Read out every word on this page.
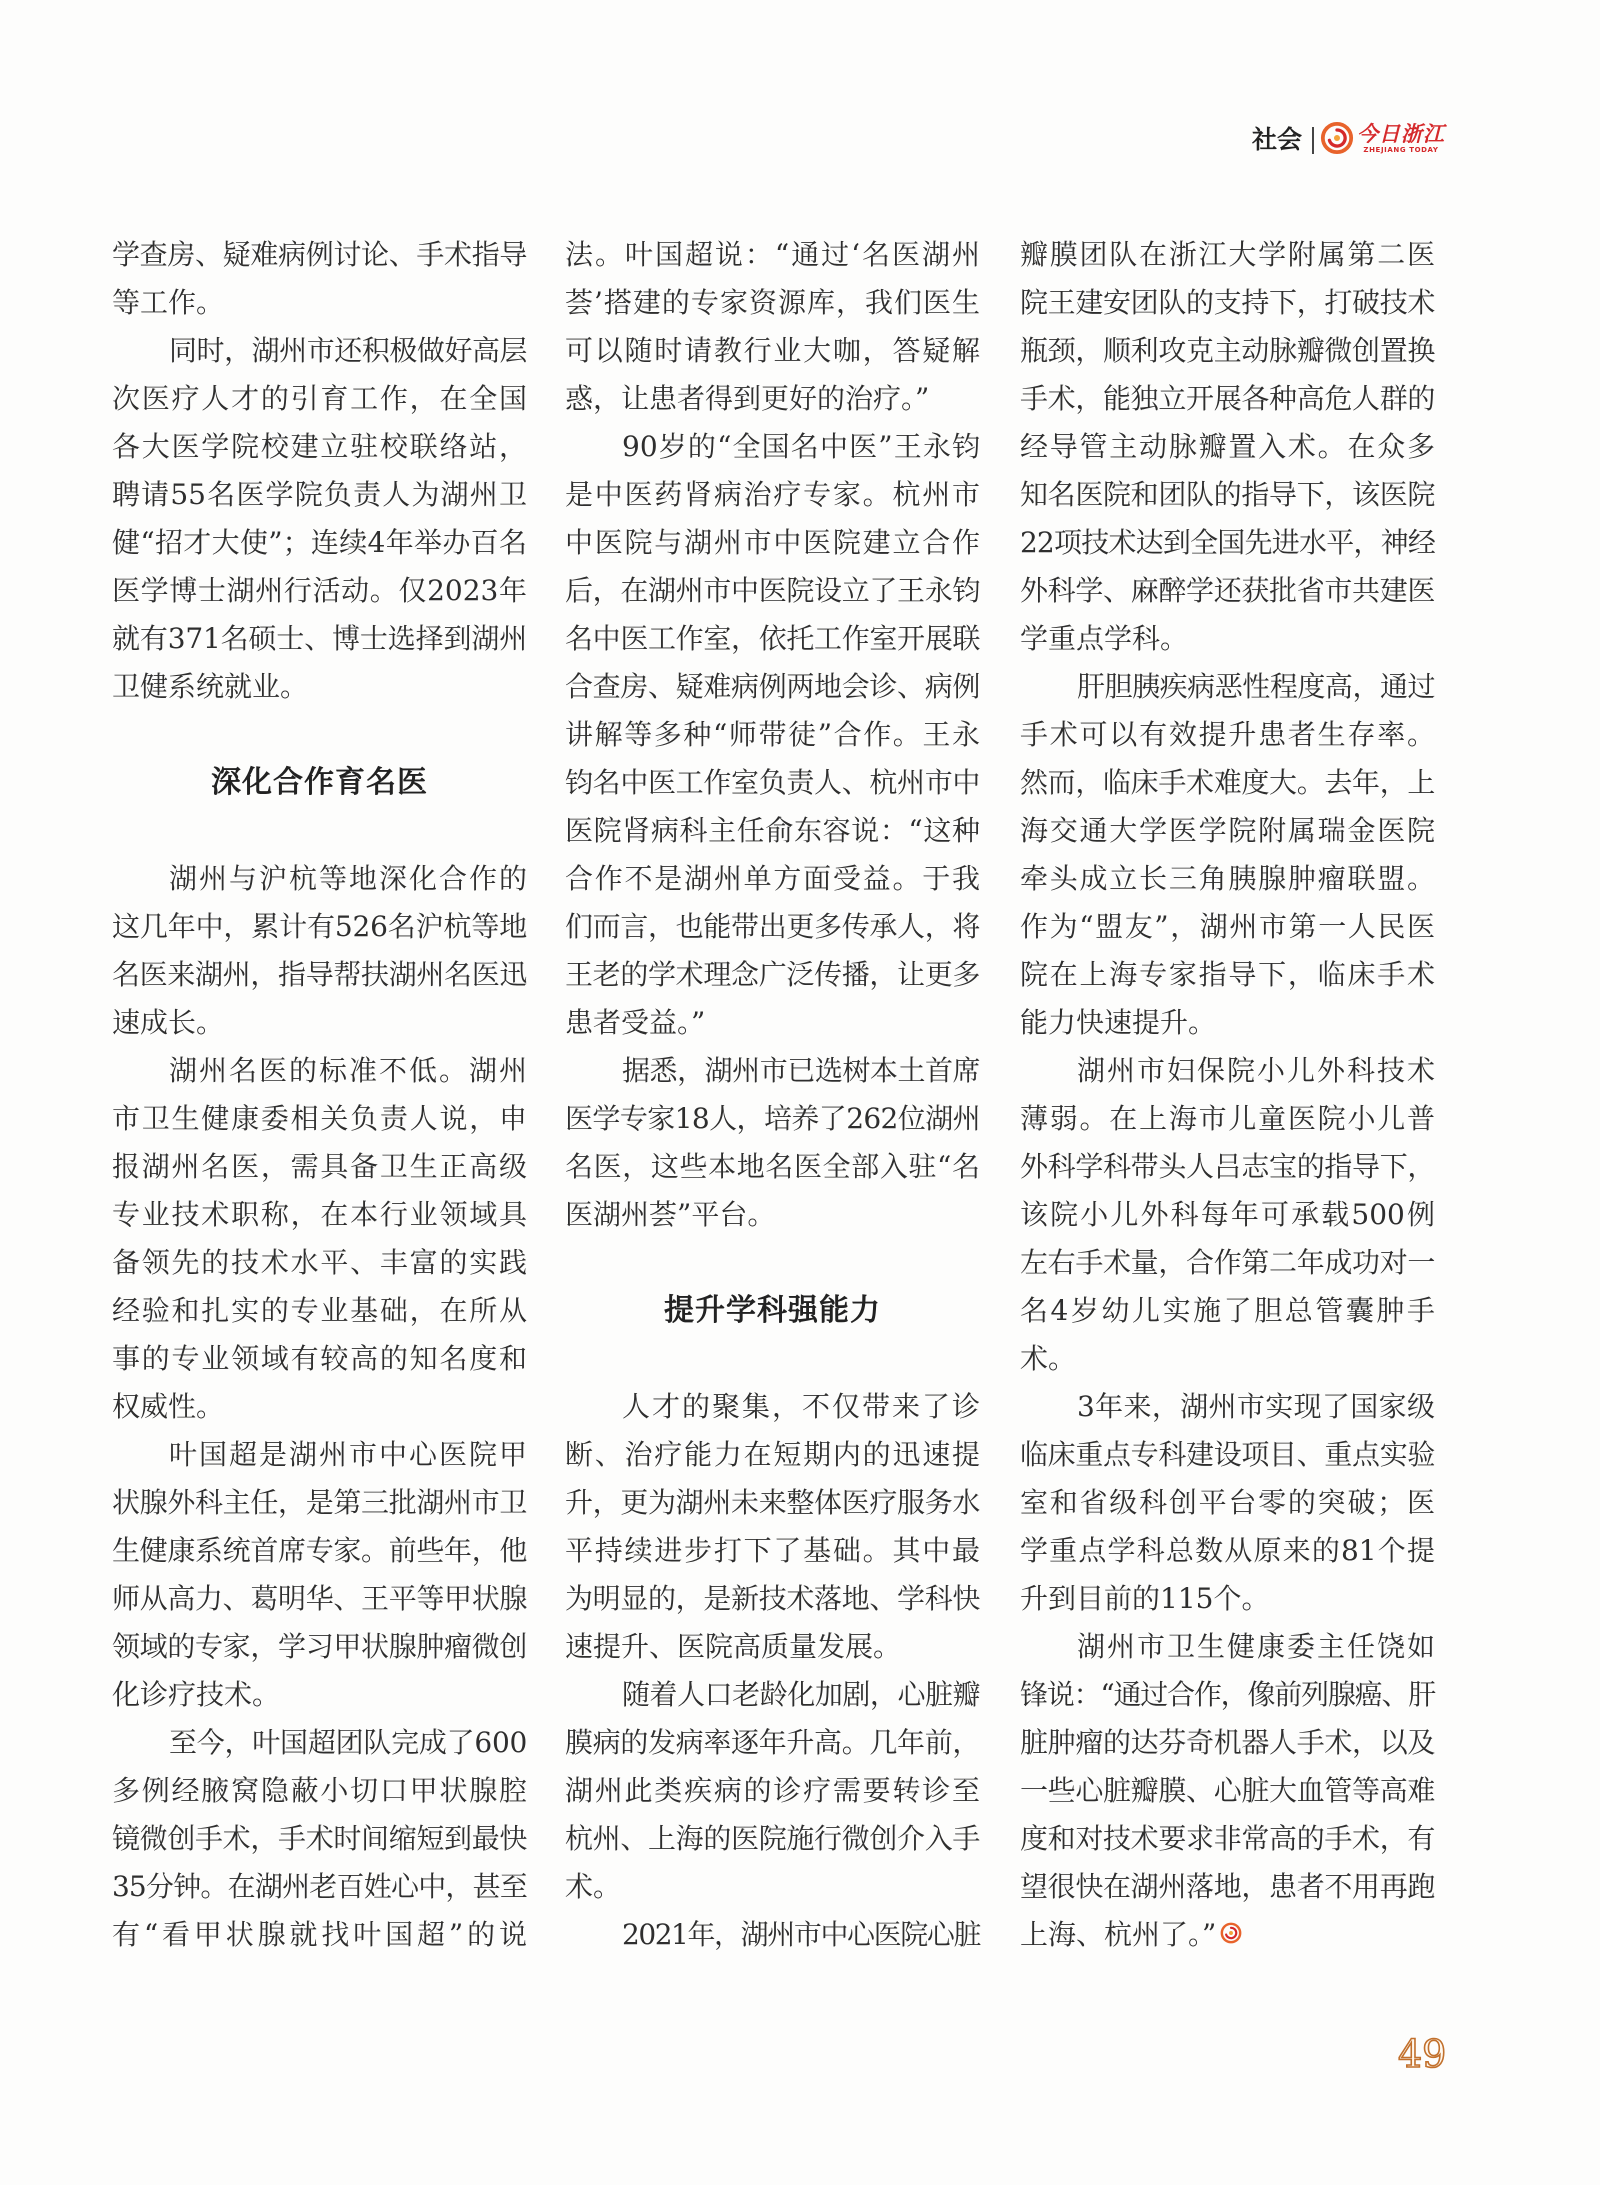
社会	今日浙江
ZHEJIANG TODAY
学查房、疑难病例讨论、手术指导
等工作。
同时，湖州市还积极做好高层
次医疗人才的引育工作，在全国
各大医学院校建立驻校联络站，
聘请55名医学院负责人为湖州卫
健“招才大使”；连续4年举办百名
医学博士湖州行活动。仅2023年
就有371名硕士、博士选择到湖州
卫健系统就业。
深化合作育名医
湖州与沪杭等地深化合作的
这几年中，累计有526名沪杭等地
名医来湖州，指导帮扶湖州名医迅
速成长。
湖州名医的标准不低。湖州
市卫生健康委相关负责人说，申
报湖州名医，需具备卫生正高级
专业技术职称，在本行业领域具
备领先的技术水平、丰富的实践
经验和扎实的专业基础，在所从
事的专业领域有较高的知名度和
权威性。
叶国超是湖州市中心医院甲
状腺外科主任，是第三批湖州市卫
生健康系统首席专家。前些年，他
师从高力、葛明华、王平等甲状腺
领域的专家，学习甲状腺肿瘤微创
化诊疗技术。
至今，叶国超团队完成了600
多例经腋窝隐蔽小切口甲状腺腔
镜微创手术，手术时间缩短到最快
35分钟。在湖州老百姓心中，甚至
有“看甲状腺就找叶国超”的说
法。叶国超说：“通过‘名医湖州
荟’搭建的专家资源库，我们医生
可以随时请教行业大咖，答疑解
惑，让患者得到更好的治疗。”
90岁的“全国名中医”王永钧
是中医药肾病治疗专家。杭州市
中医院与湖州市中医院建立合作
后，在湖州市中医院设立了王永钧
名中医工作室，依托工作室开展联
合查房、疑难病例两地会诊、病例
讲解等多种“师带徒”合作。王永
钧名中医工作室负责人、杭州市中
医院肾病科主任俞东容说：“这种
合作不是湖州单方面受益。于我
们而言，也能带出更多传承人，将
王老的学术理念广泛传播，让更多
患者受益。”
据悉，湖州市已选树本土首席
医学专家18人，培养了262位湖州
名医，这些本地名医全部入驻“名
医湖州荟”平台。
提升学科强能力
人才的聚集，不仅带来了诊
断、治疗能力在短期内的迅速提
升，更为湖州未来整体医疗服务水
平持续进步打下了基础。其中最
为明显的，是新技术落地、学科快
速提升、医院高质量发展。
随着人口老龄化加剧，心脏瓣
膜病的发病率逐年升高。几年前，
湖州此类疾病的诊疗需要转诊至
杭州、上海的医院施行微创介入手
术。
2021年，湖州市中心医院心脏
瓣膜团队在浙江大学附属第二医
院王建安团队的支持下，打破技术
瓶颈，顺利攻克主动脉瓣微创置换
手术，能独立开展各种高危人群的
经导管主动脉瓣置入术。在众多
知名医院和团队的指导下，该医院
22项技术达到全国先进水平，神经
外科学、麻醉学还获批省市共建医
学重点学科。
肝胆胰疾病恶性程度高，通过
手术可以有效提升患者生存率。
然而，临床手术难度大。去年，上
海交通大学医学院附属瑞金医院
牵头成立长三角胰腺肿瘤联盟。
作为“盟友”，湖州市第一人民医
院在上海专家指导下，临床手术
能力快速提升。
湖州市妇保院小儿外科技术
薄弱。在上海市儿童医院小儿普
外科学科带头人吕志宝的指导下，
该院小儿外科每年可承载500例
左右手术量，合作第二年成功对一
名4岁幼儿实施了胆总管囊肿手
术。
3年来，湖州市实现了国家级
临床重点专科建设项目、重点实验
室和省级科创平台零的突破；医
学重点学科总数从原来的81个提
升到目前的115个。
湖州市卫生健康委主任饶如
锋说：“通过合作，像前列腺癌、肝
脏肿瘤的达芬奇机器人手术，以及
一些心脏瓣膜、心脏大血管等高难
度和对技术要求非常高的手术，有
望很快在湖州落地，患者不用再跑
上海、杭州了。”
49
